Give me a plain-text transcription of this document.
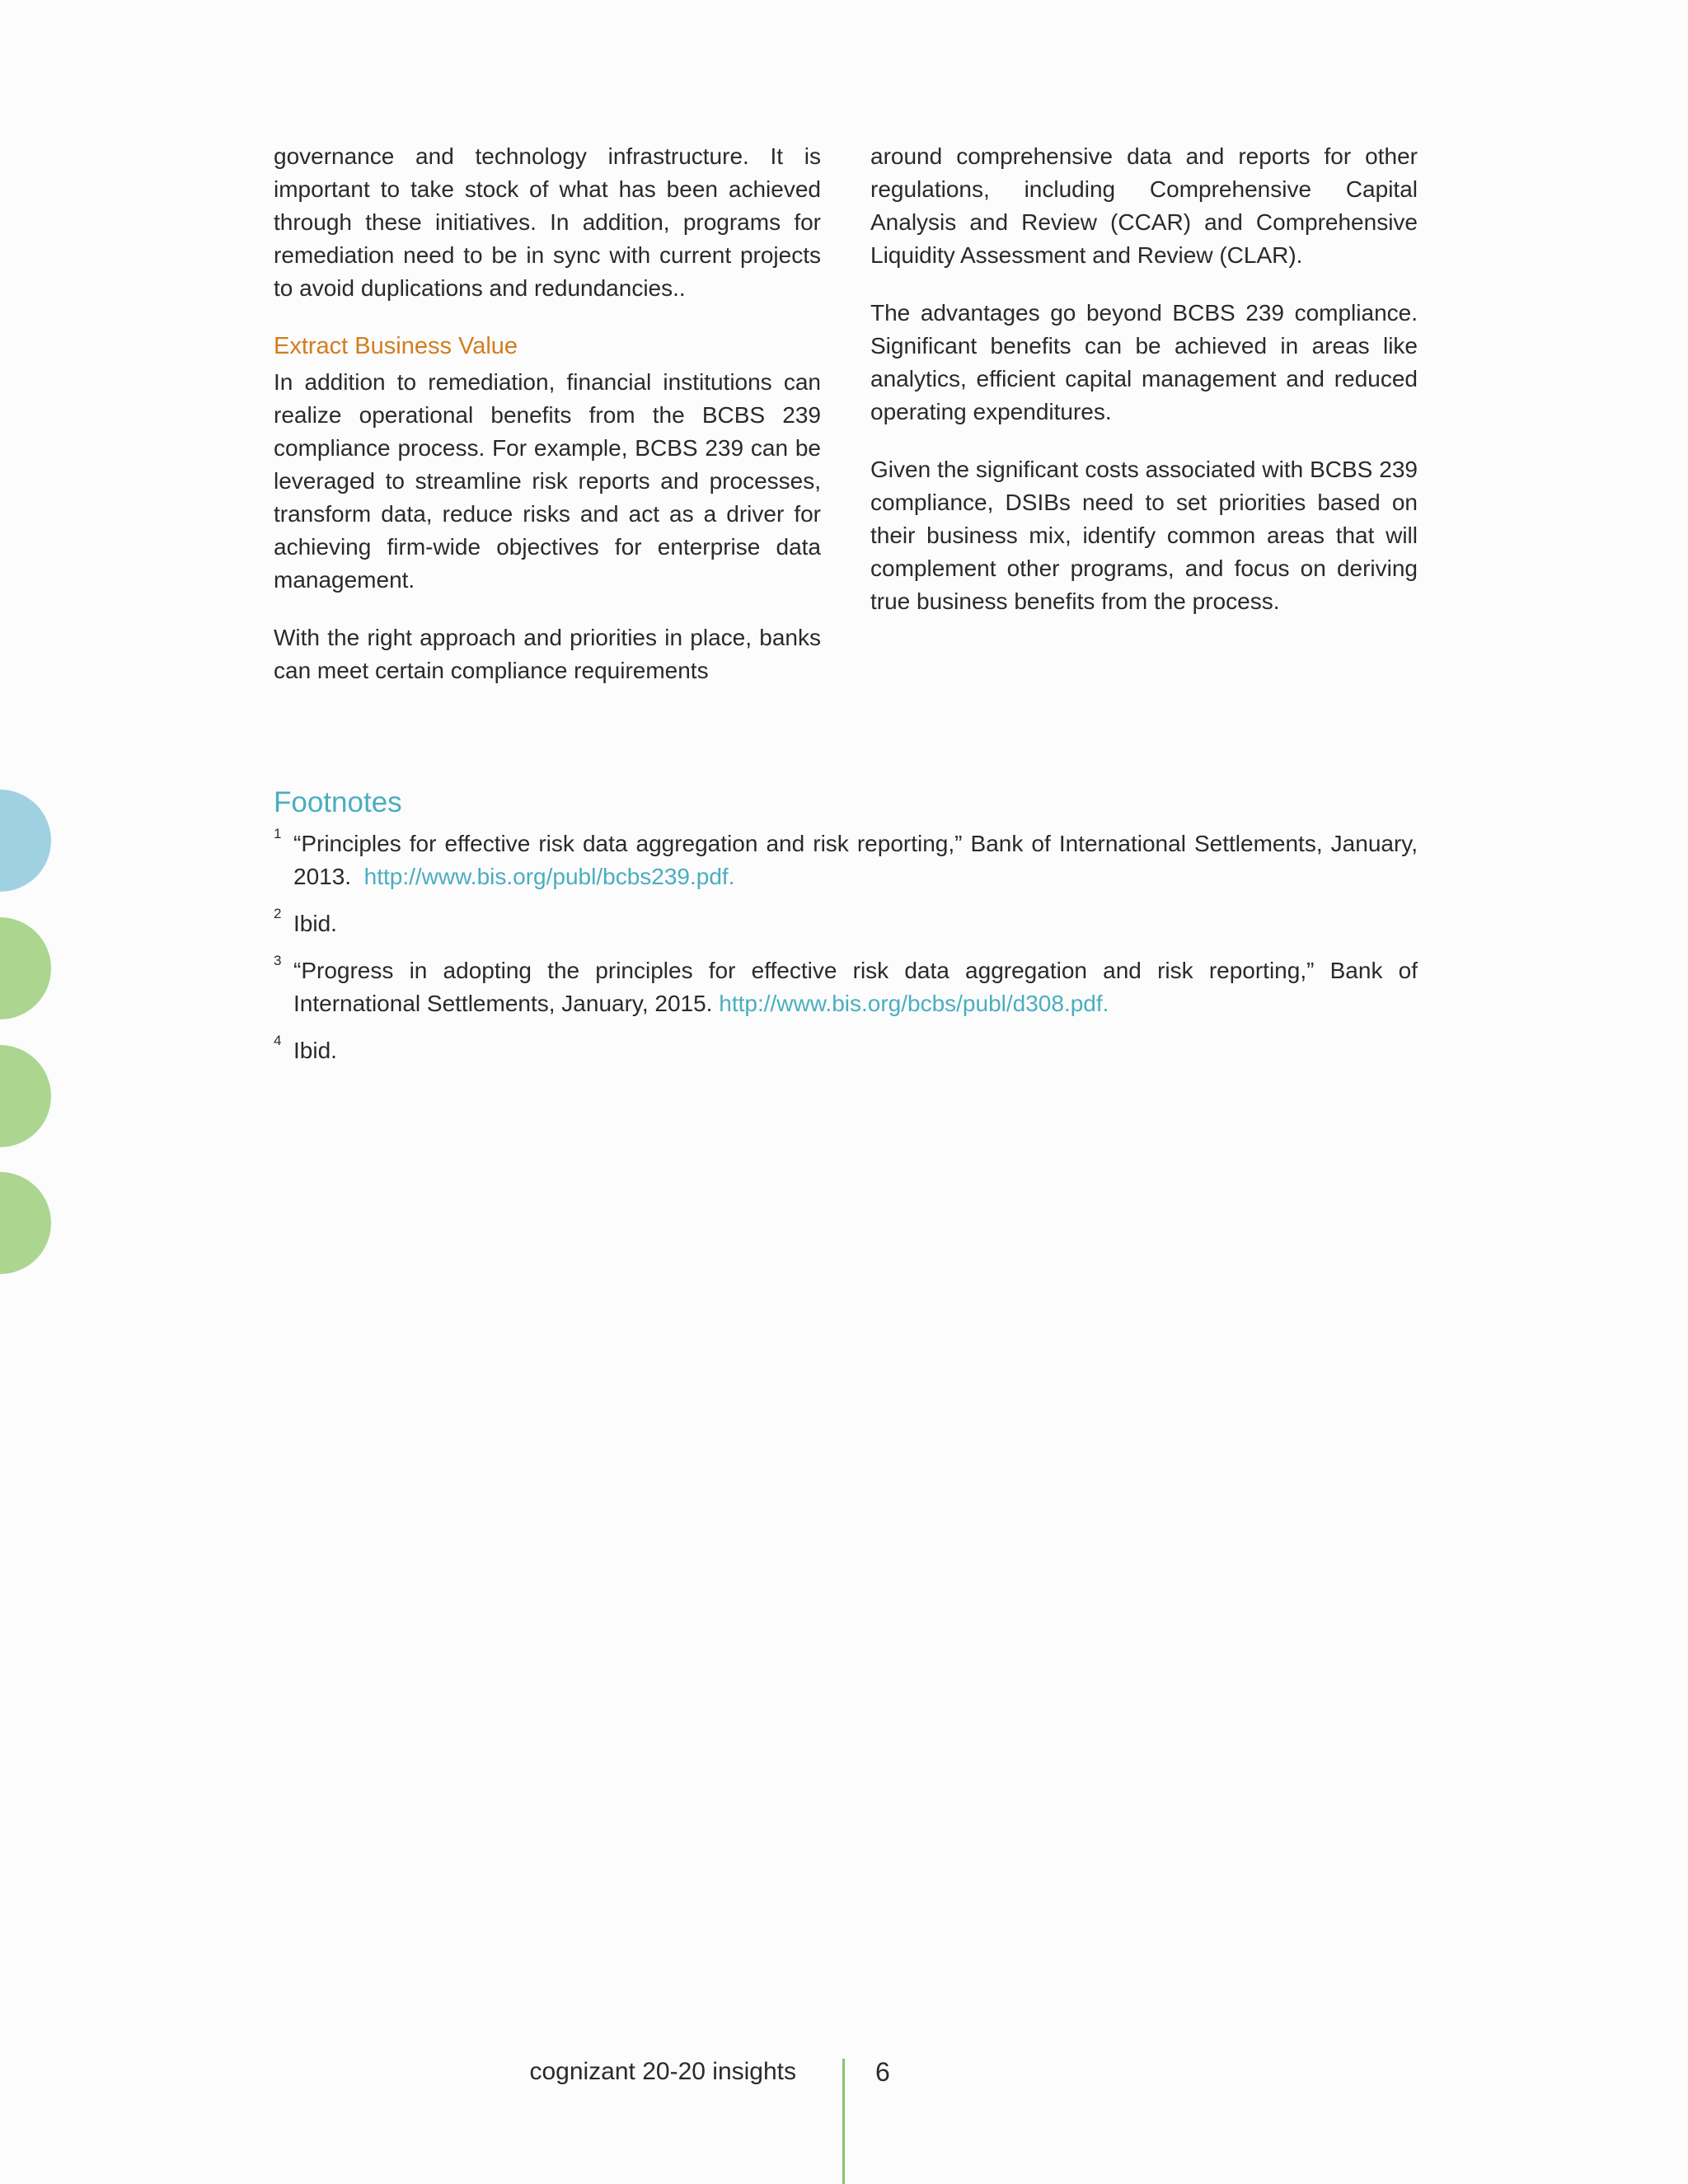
governance and technology infrastructure. It is important to take stock of what has been achieved through these initiatives. In addition, programs for remediation need to be in sync with current projects to avoid duplications and redundancies..

Extract Business Value

In addition to remediation, financial institutions can realize operational benefits from the BCBS 239 compliance process. For example, BCBS 239 can be leveraged to streamline risk reports and processes, transform data, reduce risks and act as a driver for achieving firm-wide objectives for enterprise data management.

With the right approach and priorities in place, banks can meet certain compliance requirements

around comprehensive data and reports for other regulations, including Comprehensive Capital Analysis and Review (CCAR) and Comprehensive Liquidity Assessment and Review (CLAR).

The advantages go beyond BCBS 239 compliance. Significant benefits can be achieved in areas like analytics, efficient capital management and reduced operating expenditures.

Given the significant costs associated with BCBS 239 compliance, DSIBs need to set priorities based on their business mix, identify common areas that will complement other programs, and focus on deriving true business benefits from the process.

Footnotes
1 “Principles for effective risk data aggregation and risk reporting,” Bank of International Settlements, January, 2013. http://www.bis.org/publ/bcbs239.pdf.
2 Ibid.
3 “Progress in adopting the principles for effective risk data aggregation and risk reporting,” Bank of International Settlements, January, 2015. http://www.bis.org/bcbs/publ/d308.pdf.
4 Ibid.
cognizant 20-20 insights	6
